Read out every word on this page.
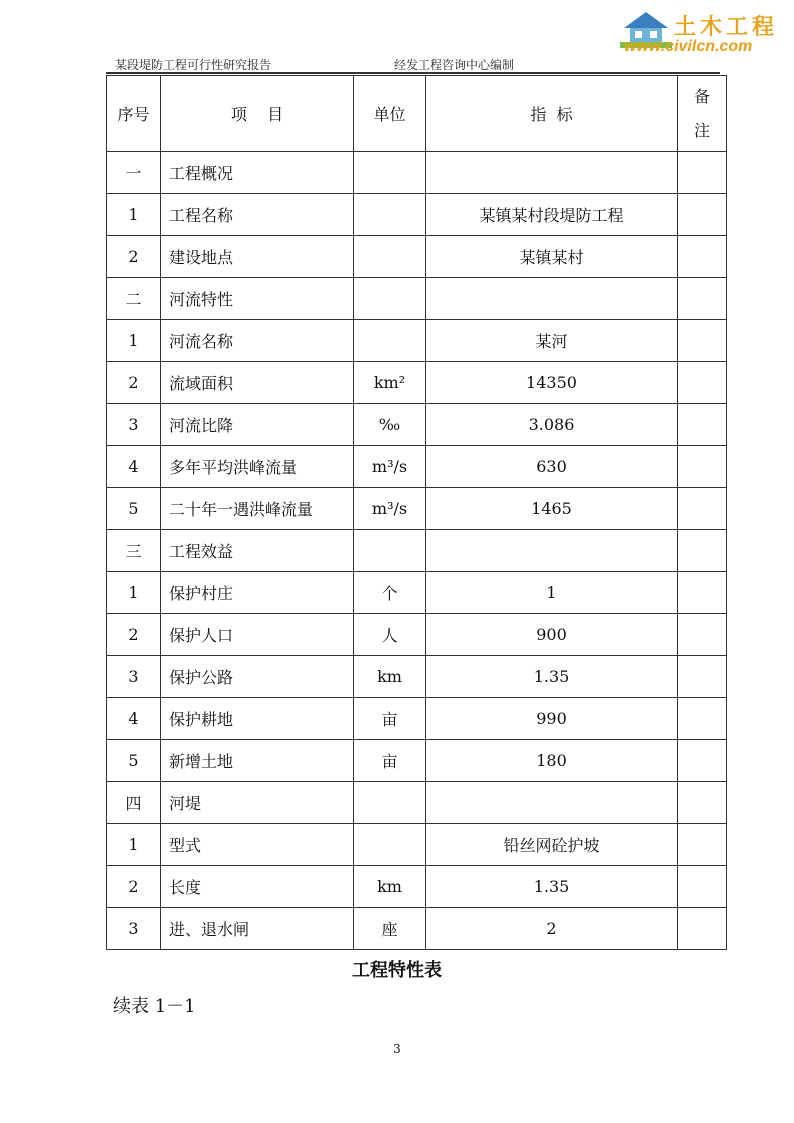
某段堤防工程可行性研究报告	经发工程咨询中心编制
土木工程
www.civilcn.com
序号	项    目	单位	指  标	备
注
一	工程概况			
1	工程名称		某镇某村段堤防工程	
2	建设地点		某镇某村	
二	河流特性			
1	河流名称		某河	
2	流域面积	km²	14350	
3	河流比降	‰	3.086	
4	多年平均洪峰流量	m³/s	630	
5	二十年一遇洪峰流量	m³/s	1465	
三	工程效益			
1	保护村庄	个	1	
2	保护人口	人	900	
3	保护公路	km	1.35	
4	保护耕地	亩	990	
5	新增土地	亩	180	
四	河堤			
1	型式		铅丝网砼护坡	
2	长度	km	1.35	
3	进、退水闸	座	2	
工程特性表
续表 1－1
3
